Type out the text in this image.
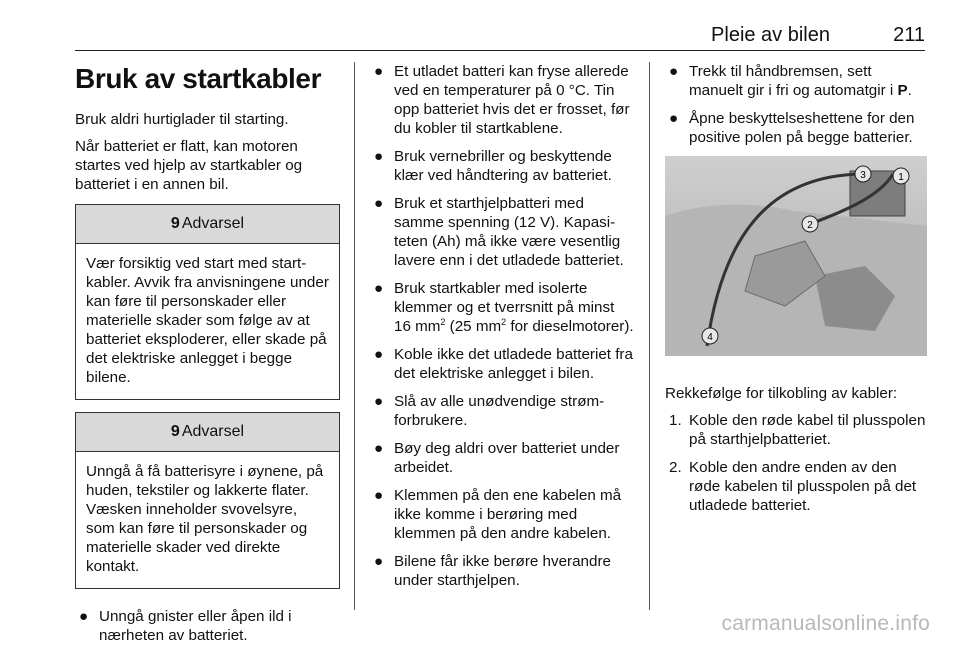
Pleie av bilen	211
Bruk av startkabler

Bruk aldri hurtiglader til starting.

Når batteriet er flatt, kan motoren startes ved hjelp av startkabler og batteriet i en annen bil.

9 Advarsel
Vær forsiktig ved start med startkabler. Avvik fra anvisningene under kan føre til personskader eller materielle skader som følge av at batteriet eksploderer, eller skade på det elektriske anlegget i begge bilene.
9 Advarsel
Unngå å få batterisyre i øynene, på huden, tekstiler og lakkerte flater. Væsken inneholder svovelsyre, som kan føre til personskader og materielle skader ved direkte kontakt.
● Unngå gnister eller åpen ild i nærheten av batteriet.
● Et utladet batteri kan fryse allerede ved en temperaturer på 0 °C. Tin opp batteriet hvis det er frosset, før du kobler til startkablene.
● Bruk vernebriller og beskyttende klær ved håndtering av batteriet.
● Bruk et starthjelpbatteri med samme spenning (12 V). Kapasiteten (Ah) må ikke være vesentlig lavere enn i det utladede batteriet.
● Bruk startkabler med isolerte klemmer og et tverrsnitt på minst 16 $mm^2$ (25 $mm^2$ for dieselmotorer).
● Koble ikke det utladede batteriet fra det elektriske anlegget i bilen.
● Slå av alle unødvendige strømforbrukere.
● Bøy deg aldri over batteriet under arbeidet.
● Klemmen på den ene kabelen må ikke komme i berøring med klemmen på den andre kabelen.
● Bilene får ikke berøre hverandre under starthjelpen.
● Trekk til håndbremsen, sett manuelt gir i fri og automatgir i P.
● Åpne beskyttelseshettene for den positive polen på begge batterier.
3	1
2
4

Rekkefølge for tilkobling av kabler:

1. Koble den røde kabel til plusspolen på starthjelpbatteriet.
2. Koble den andre enden av den røde kabelen til plusspolen på det utladede batteriet.
carmanualsonline.info
